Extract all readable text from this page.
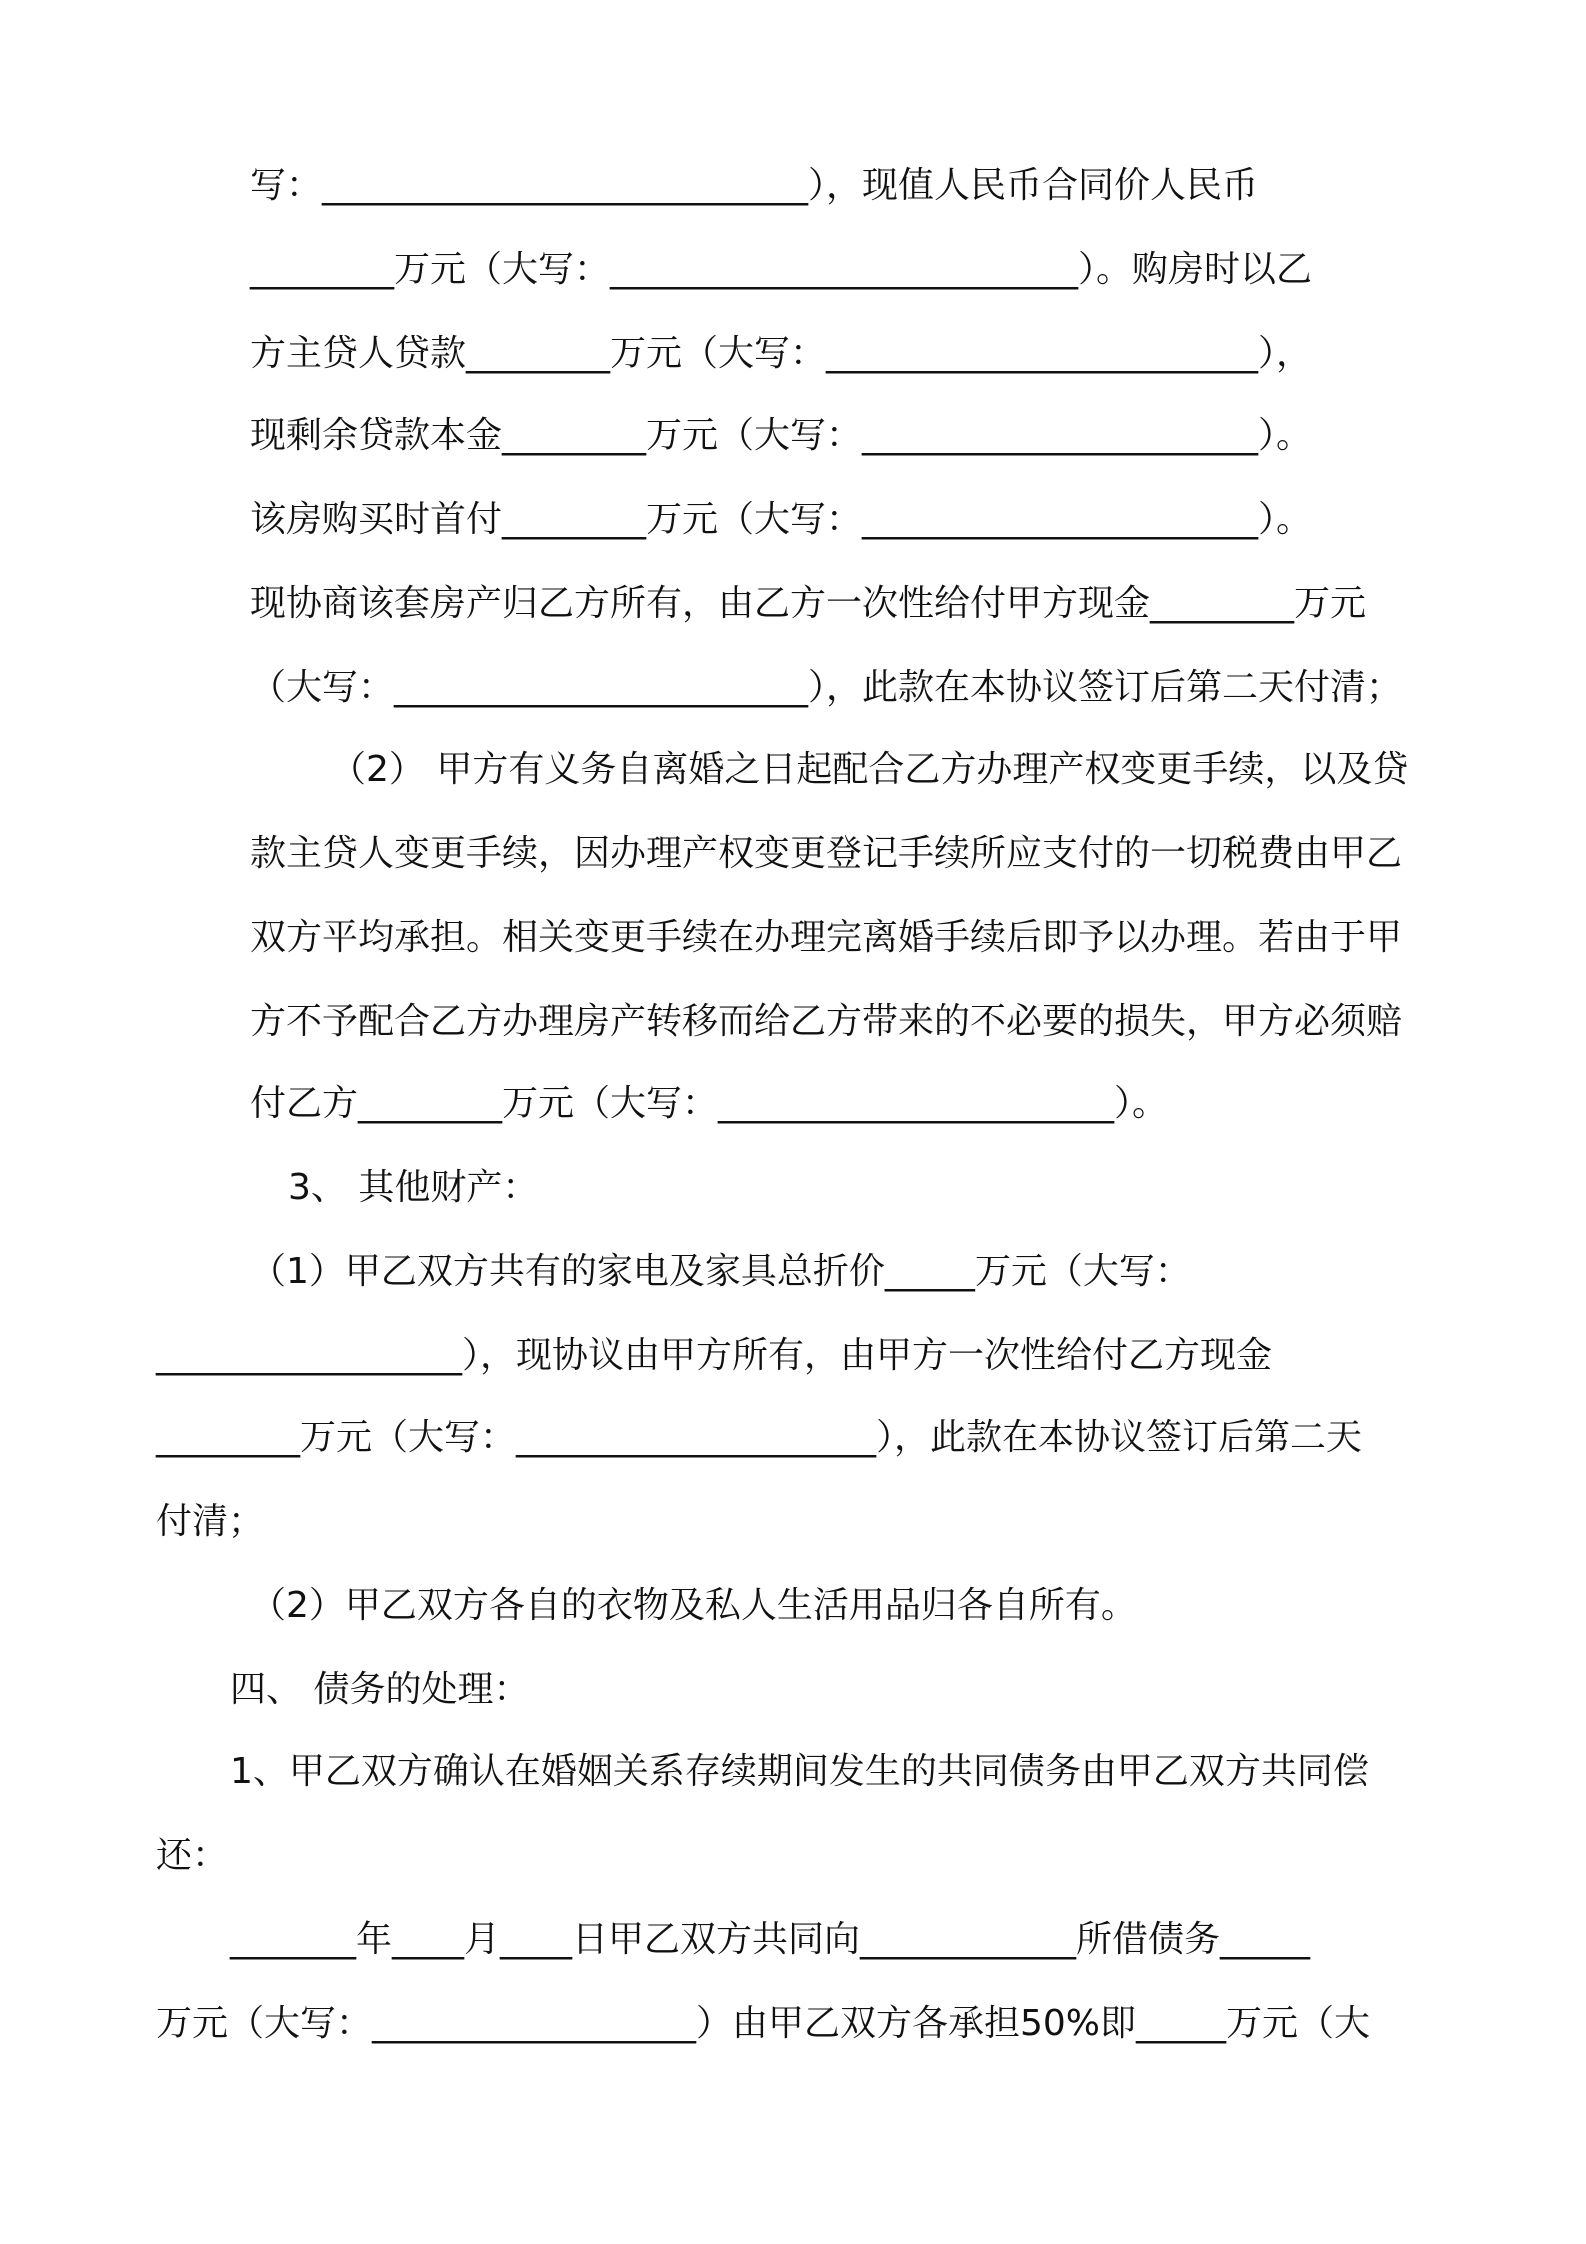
写：___________________________），现值人民币合同价人民币
________万元（大写：__________________________）。购房时以乙
方主贷人贷款________万元（大写：________________________），
现剩余贷款本金________万元（大写：______________________）。
该房购买时首付________万元（大写：______________________）。
现协商该套房产归乙方所有，由乙方一次性给付甲方现金________万元
（大写：_______________________），此款在本协议签订后第二天付清；
（2） 甲方有义务自离婚之日起配合乙方办理产权变更手续，以及贷
款主贷人变更手续，因办理产权变更登记手续所应支付的一切税费由甲乙
双方平均承担。相关变更手续在办理完离婚手续后即予以办理。若由于甲
方不予配合乙方办理房产转移而给乙方带来的不必要的损失，甲方必须赔
付乙方________万元（大写：______________________）。
3、 其他财产：
（1）甲乙双方共有的家电及家具总折价_____万元（大写：
_________________），现协议由甲方所有，由甲方一次性给付乙方现金
________万元（大写：____________________），此款在本协议签订后第二天
付清；
（2）甲乙双方各自的衣物及私人生活用品归各自所有。
四、 债务的处理：
1、甲乙双方确认在婚姻关系存续期间发生的共同债务由甲乙双方共同偿
还：
_______年____月____日甲乙双方共同向____________所借债务_____
万元（大写：__________________）由甲乙双方各承担50%即_____万元（大
